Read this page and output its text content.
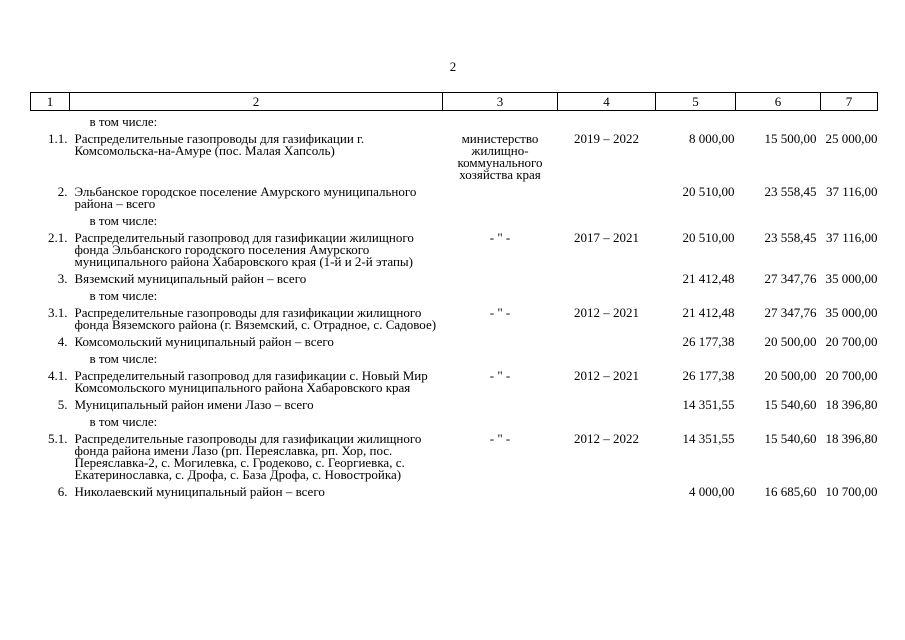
2
1	2	3	4	5	6	7
	в том числе:					
1.1.	Распределительные газопроводы для газификации г. Комсомольска-на-Амуре (пос. Малая Хапсоль)	министерство жилищно-коммунального хозяйства края	2019 – 2022	8 000,00	15 500,00	25 000,00
2.	Эльбанское городское поселение Амурского муниципального района – всего			20 510,00	23 558,45	37 116,00
	в том числе:					
2.1.	Распределительный газопровод для газификации жилищного фонда Эльбанского городского поселения Амурского муниципального района Хабаровского края (1-й и 2-й этапы)	- " -	2017 – 2021	20 510,00	23 558,45	37 116,00
3.	Вяземский муниципальный район – всего			21 412,48	27 347,76	35 000,00
	в том числе:					
3.1.	Распределительные газопроводы для газификации жилищного фонда Вяземского района (г. Вяземский, с. Отрадное, с. Садовое)	- " -	2012 – 2021	21 412,48	27 347,76	35 000,00
4.	Комсомольский муниципальный район – всего			26 177,38	20 500,00	20 700,00
	в том числе:					
4.1.	Распределительный газопровод для газификации с. Новый Мир Комсомольского муниципального района Хабаровского края	- " -	2012 – 2021	26 177,38	20 500,00	20 700,00
5.	Муниципальный район имени Лазо – всего			14 351,55	15 540,60	18 396,80
	в том числе:					
5.1.	Распределительные газопроводы для газификации жилищного фонда района имени Лазо (рп. Переяславка, рп. Хор, пос. Переяславка-2, с. Могилевка, с. Гродеково, с. Георгиевка, с. Екатеринославка, с. Дрофа, с. База Дрофа, с. Новостройка)	- " -	2012 – 2022	14 351,55	15 540,60	18 396,80
6.	Николаевский муниципальный район – всего			4 000,00	16 685,60	10 700,00
